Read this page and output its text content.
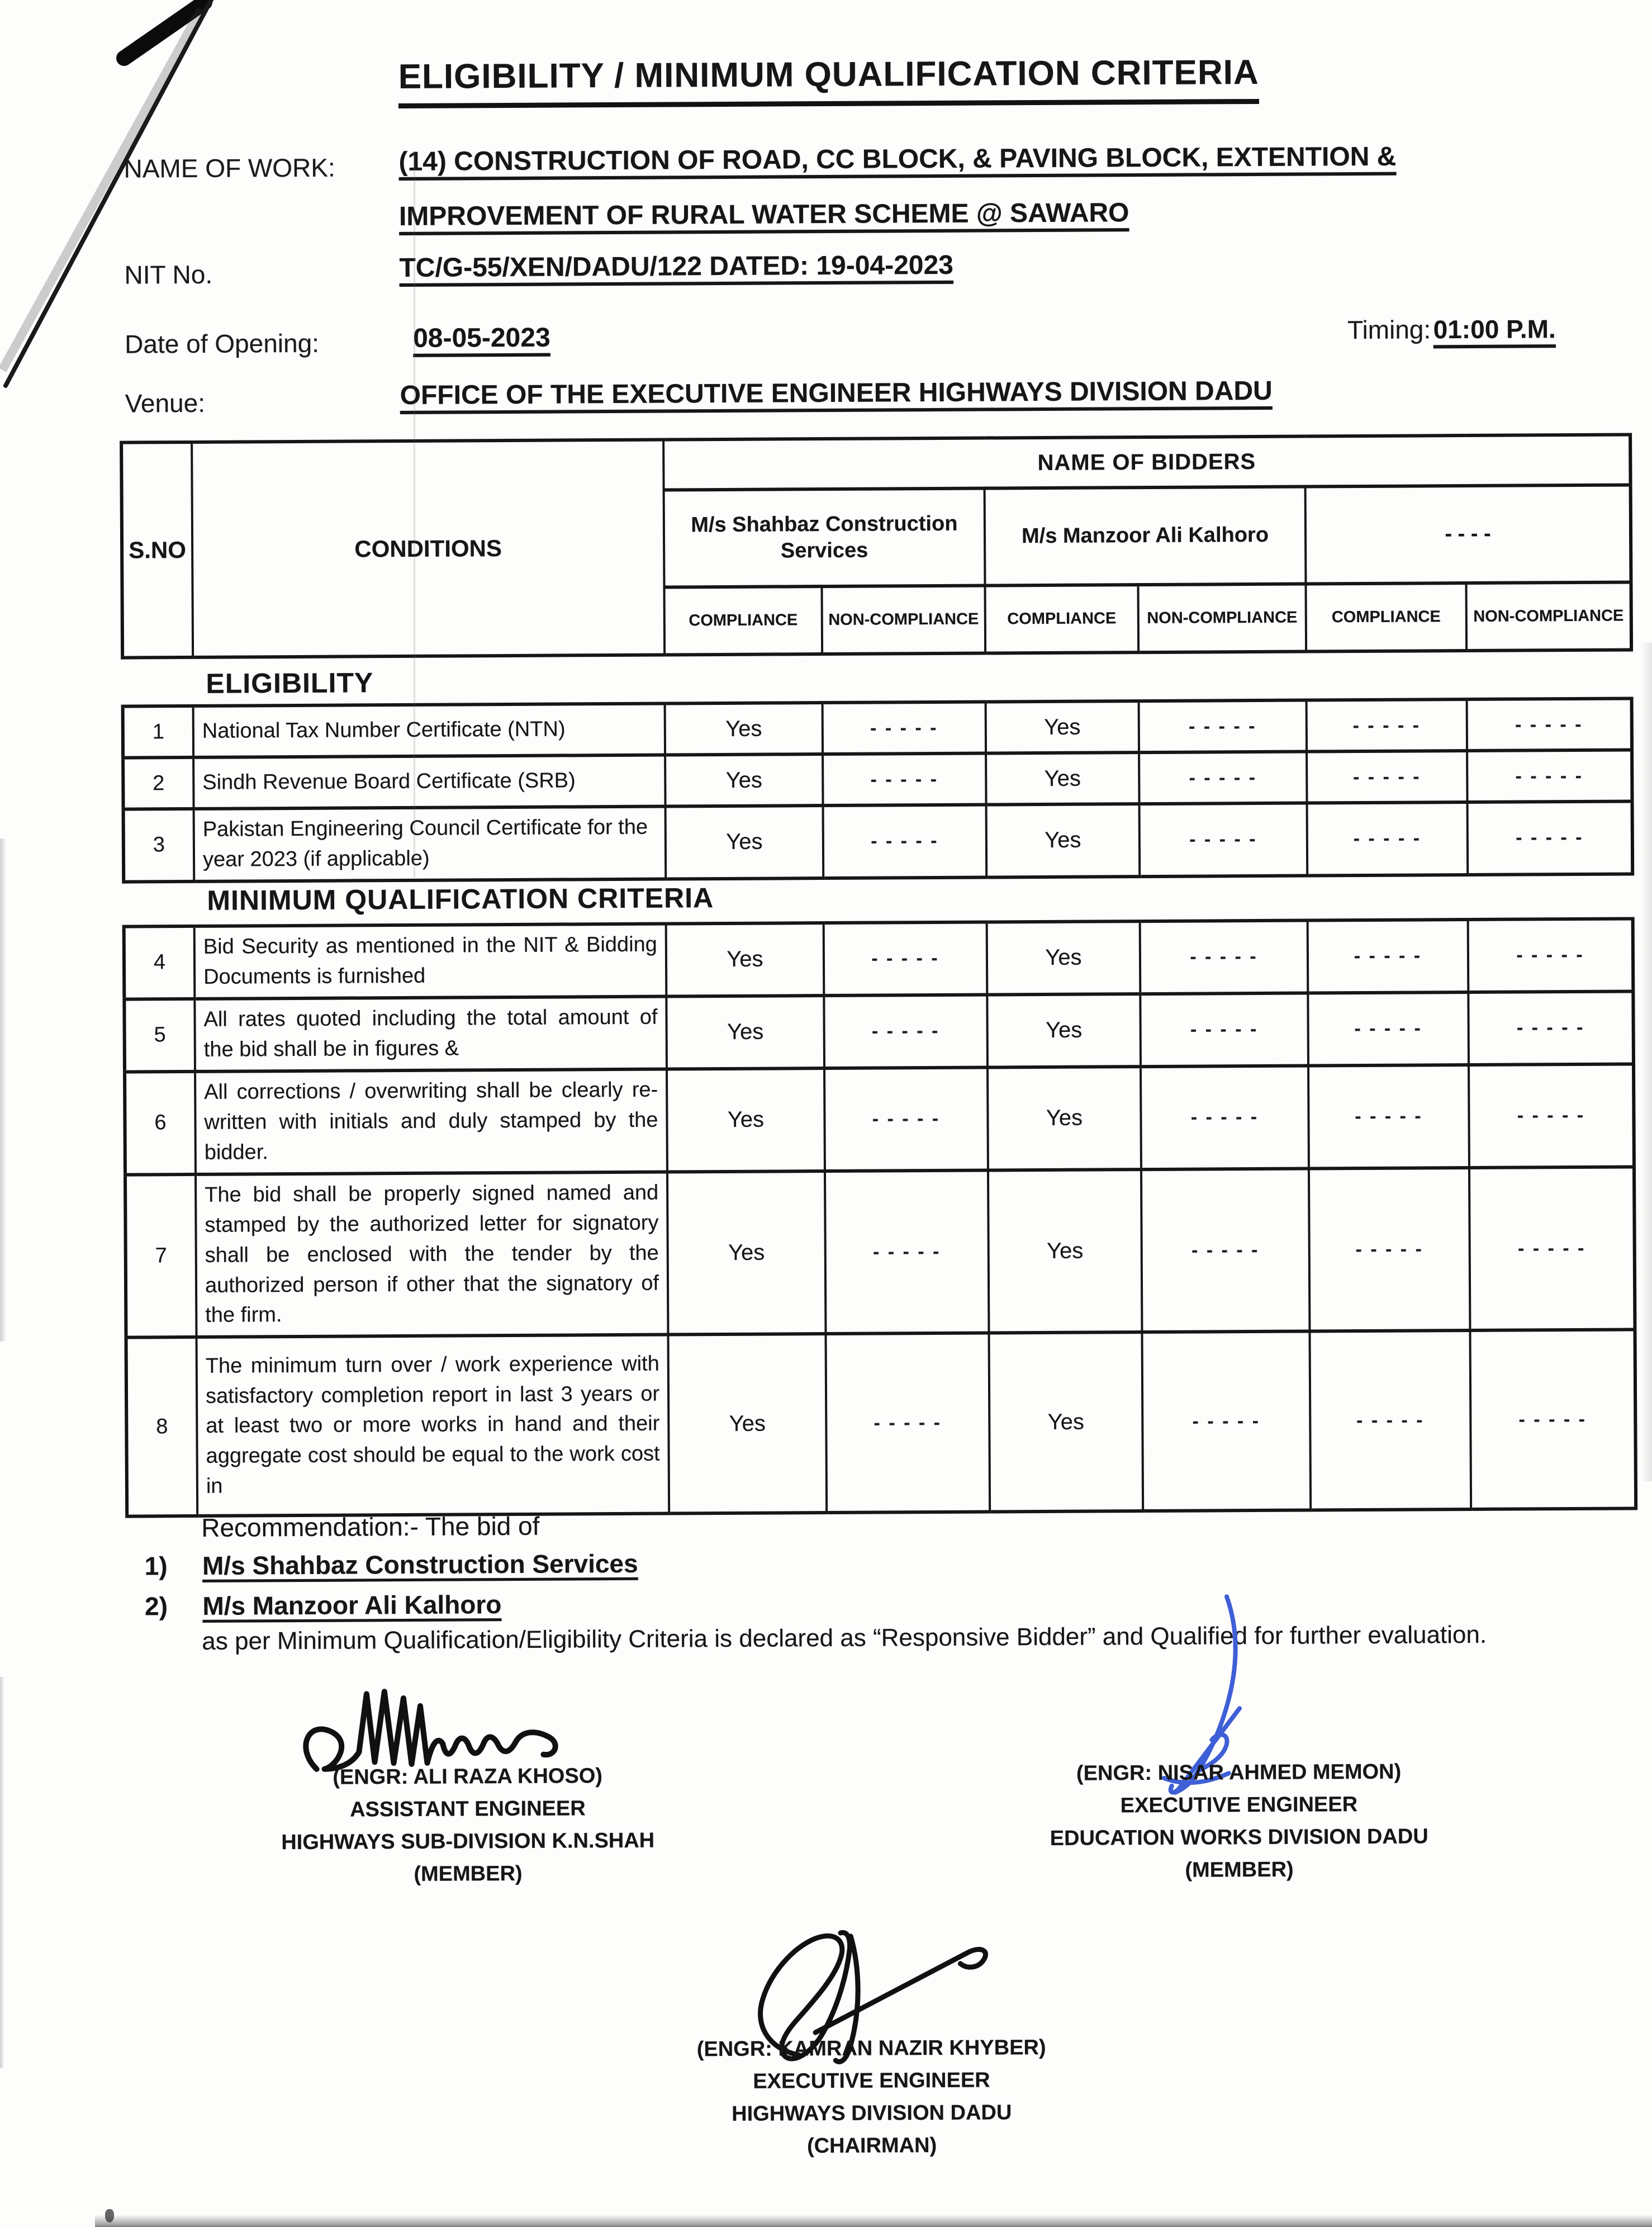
ELIGIBILITY / MINIMUM QUALIFICATION CRITERIA
NAME OF WORK: (14) CONSTRUCTION OF ROAD, CC BLOCK, & PAVING BLOCK, EXTENTION &
IMPROVEMENT OF RURAL WATER SCHEME @ SAWARO
NIT No.	TC/G-55/XEN/DADU/122 DATED: 19-04-2023
Date of Opening:	08-05-2023	Timing: 01:00 P.M.
Venue:	OFFICE OF THE EXECUTIVE ENGINEER HIGHWAYS DIVISION DADU
S.NO	CONDITIONS	NAME OF BIDDERS					
		M/s Shahbaz Construction Services		M/s Manzoor Ali Kalhoro		- - - -	
		COMPLIANCE	NON-COMPLIANCE	COMPLIANCE	NON-COMPLIANCE	COMPLIANCE	NON-COMPLIANCE
ELIGIBILITY
1	National Tax Number Certificate (NTN)	Yes	- - - - -	Yes	- - - - -	- - - - -	- - - - -
2	Sindh Revenue Board Certificate (SRB)	Yes	- - - - -	Yes	- - - - -	- - - - -	- - - - -
3	Pakistan Engineering Council Certificate for the year 2023 (if applicable)	Yes	- - - - -	Yes	- - - - -	- - - - -	- - - - -
MINIMUM QUALIFICATION CRITERIA
4	Bid Security as mentioned in the NIT & Bidding Documents is furnished	Yes	- - - - -	Yes	- - - - -	- - - - -	- - - - -
5	All rates quoted including the total amount of the bid shall be in figures &	Yes	- - - - -	Yes	- - - - -	- - - - -	- - - - -
6	All corrections / overwriting shall be clearly re-written with initials and duly stamped by the bidder.	Yes	- - - - -	Yes	- - - - -	- - - - -	- - - - -
7	The bid shall be properly signed named and stamped by the authorized letter for signatory shall be enclosed with the tender by the authorized person if other that the signatory of the firm.	Yes	- - - - -	Yes	- - - - -	- - - - -	- - - - -
8	The minimum turn over / work experience with satisfactory completion report in last 3 years or at least two or more works in hand and their aggregate cost should be equal to the work cost in	Yes	- - - - -	Yes	- - - - -	- - - - -	- - - - -
Recommendation:- The bid of
1) M/s Shahbaz Construction Services
2) M/s Manzoor Ali Kalhoro
as per Minimum Qualification/Eligibility Criteria is declared as “Responsive Bidder” and Qualified for further evaluation.
(ENGR: ALI RAZA KHOSO)
ASSISTANT ENGINEER
HIGHWAYS SUB-DIVISION K.N.SHAH
(MEMBER)
(ENGR: NISAR AHMED MEMON)
EXECUTIVE ENGINEER
EDUCATION WORKS DIVISION DADU
(MEMBER)
(ENGR: KAMRAN NAZIR KHYBER)
EXECUTIVE ENGINEER
HIGHWAYS DIVISION DADU
(CHAIRMAN)
